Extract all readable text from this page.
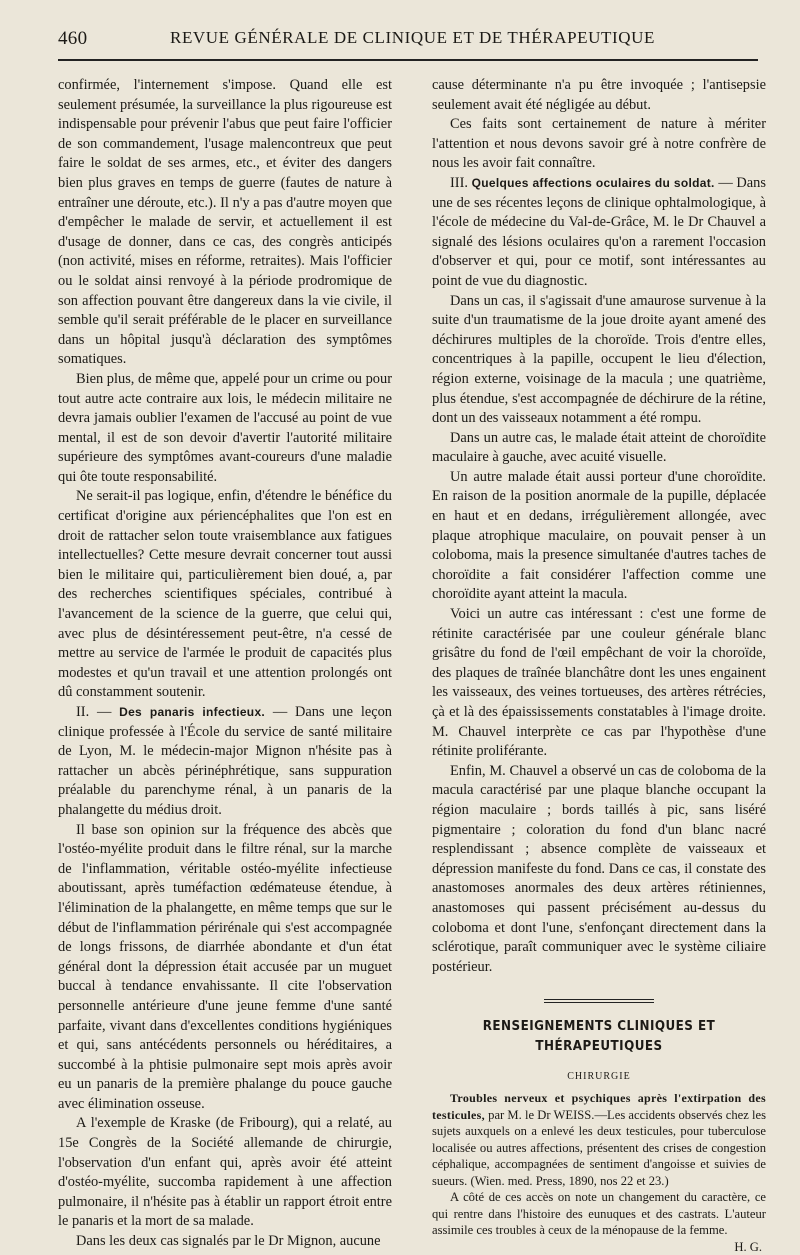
460	REVUE GÉNÉRALE DE CLINIQUE ET DE THÉRAPEUTIQUE

confirmée, l'internement s'impose. Quand elle est seulement présumée, la surveillance la plus rigoureuse est indispensable pour prévenir l'abus que peut faire l'officier de son commandement, l'usage malencontreux que peut faire le soldat de ses armes, etc., et éviter des dangers bien plus graves en temps de guerre (fautes de nature à entraîner une déroute, etc.). Il n'y a pas d'autre moyen que d'empêcher le malade de servir, et actuellement il est d'usage de donner, dans ce cas, des congrès anticipés (non activité, mises en réforme, retraites). Mais l'officier ou le soldat ainsi renvoyé à la période prodromique de son affection pouvant être dangereux dans la vie civile, il semble qu'il serait préférable de le placer en surveillance dans un hôpital jusqu'à déclaration des symptômes somatiques.

Bien plus, de même que, appelé pour un crime ou pour tout autre acte contraire aux lois, le médecin militaire ne devra jamais oublier l'examen de l'accusé au point de vue mental, il est de son devoir d'avertir l'autorité militaire supérieure des symptômes avant-coureurs d'une maladie qui ôte toute responsabilité.

Ne serait-il pas logique, enfin, d'étendre le bénéfice du certificat d'origine aux périencéphalites que l'on est en droit de rattacher selon toute vraisemblance aux fatigues intellectuelles? Cette mesure devrait concerner tout aussi bien le militaire qui, particulièrement bien doué, a, par des recherches scientifiques spéciales, contribué à l'avancement de la science de la guerre, que celui qui, avec plus de désintéressement peut-être, n'a cessé de mettre au service de l'armée le produit de capacités plus modestes et qu'un travail et une attention prolongés ont dû constamment soutenir.

II. — Des panaris infectieux. — Dans une leçon clinique professée à l'École du service de santé militaire de Lyon, M. le médecin-major Mignon n'hésite pas à rattacher un abcès périnéphrétique, sans suppuration préalable du parenchyme rénal, à un panaris de la phalangette du médius droit.

Il base son opinion sur la fréquence des abcès que l'ostéo-myélite produit dans le filtre rénal, sur la marche de l'inflammation, véritable ostéo-myélite infectieuse aboutissant, après tuméfaction œdémateuse étendue, à l'élimination de la phalangette, en même temps que sur le début de l'inflammation périrénale qui s'est accompagnée de longs frissons, de diarrhée abondante et d'un état général dont la dépression était accusée par un muguet buccal à tendance envahissante. Il cite l'observation personnelle antérieure d'une jeune femme d'une santé parfaite, vivant dans d'excellentes conditions hygiéniques et qui, sans antécédents personnels ou héréditaires, a succombé à la phtisie pulmonaire sept mois après avoir eu un panaris de la première phalange du pouce gauche avec élimination osseuse.

A l'exemple de Kraske (de Fribourg), qui a relaté, au 15e Congrès de la Société allemande de chirurgie, l'observation d'un enfant qui, après avoir été atteint d'ostéo-myélite, succomba rapidement à une affection pulmonaire, il n'hésite pas à établir un rapport étroit entre le panaris et la mort de sa malade.

Dans les deux cas signalés par le Dr Mignon, aucune

cause déterminante n'a pu être invoquée ; l'antisepsie seulement avait été négligée au début.

Ces faits sont certainement de nature à mériter l'attention et nous devons savoir gré à notre confrère de nous les avoir fait connaître.

III. Quelques affections oculaires du soldat. — Dans une de ses récentes leçons de clinique ophtalmologique, à l'école de médecine du Val-de-Grâce, M. le Dr Chauvel a signalé des lésions oculaires qu'on a rarement l'occasion d'observer et qui, pour ce motif, sont intéressantes au point de vue du diagnostic.

Dans un cas, il s'agissait d'une amaurose survenue à la suite d'un traumatisme de la joue droite ayant amené des déchirures multiples de la choroïde. Trois d'entre elles, concentriques à la papille, occupent le lieu d'élection, région externe, voisinage de la macula ; une quatrième, plus étendue, s'est accompagnée de déchirure de la rétine, dont un des vaisseaux notamment a été rompu.

Dans un autre cas, le malade était atteint de choroïdite maculaire à gauche, avec acuité visuelle.

Un autre malade était aussi porteur d'une choroïdite. En raison de la position anormale de la pupille, déplacée en haut et en dedans, irrégulièrement allongée, avec plaque atrophique maculaire, on pouvait penser à un coloboma, mais la presence simultanée d'autres taches de choroïdite a fait considérer l'affection comme une choroïdite ayant atteint la macula.

Voici un autre cas intéressant : c'est une forme de rétinite caractérisée par une couleur générale blanc grisâtre du fond de l'œil empêchant de voir la choroïde, des plaques de traînée blanchâtre dont les unes engainent les vaisseaux, des veines tortueuses, des artères rétrécies, çà et là des épaississements constatables à l'image droite. M. Chauvel interprète ce cas par l'hypothèse d'une rétinite proliférante.

Enfin, M. Chauvel a observé un cas de coloboma de la macula caractérisé par une plaque blanche occupant la région maculaire ; bords taillés à pic, sans liséré pigmentaire ; coloration du fond d'un blanc nacré resplendissant ; absence complète de vaisseaux et dépression manifeste du fond. Dans ce cas, il constate des anastomoses anormales des deux artères rétiniennes, anastomoses qui passent précisément au-dessus du coloboma et dont l'une, s'enfonçant directement dans la sclérotique, paraît communiquer avec le système ciliaire postérieur.

RENSEIGNEMENTS CLINIQUES ET THÉRAPEUTIQUES
CHIRURGIE

Troubles nerveux et psychiques après l'extirpation des testicules, par M. le Dr WEISS.—Les accidents observés chez les sujets auxquels on a enlevé les deux testicules, pour tuberculose localisée ou autres affections, présentent des crises de congestion céphalique, accompagnées de sentiment d'angoisse et suivies de sueurs. (Wien. med. Press, 1890, nos 22 et 23.)

A côté de ces accès on note un changement du caractère, ce qui rentre dans l'histoire des eunuques et des castrats. L'auteur assimile ces troubles à ceux de la ménopause de la femme.

H. G.
